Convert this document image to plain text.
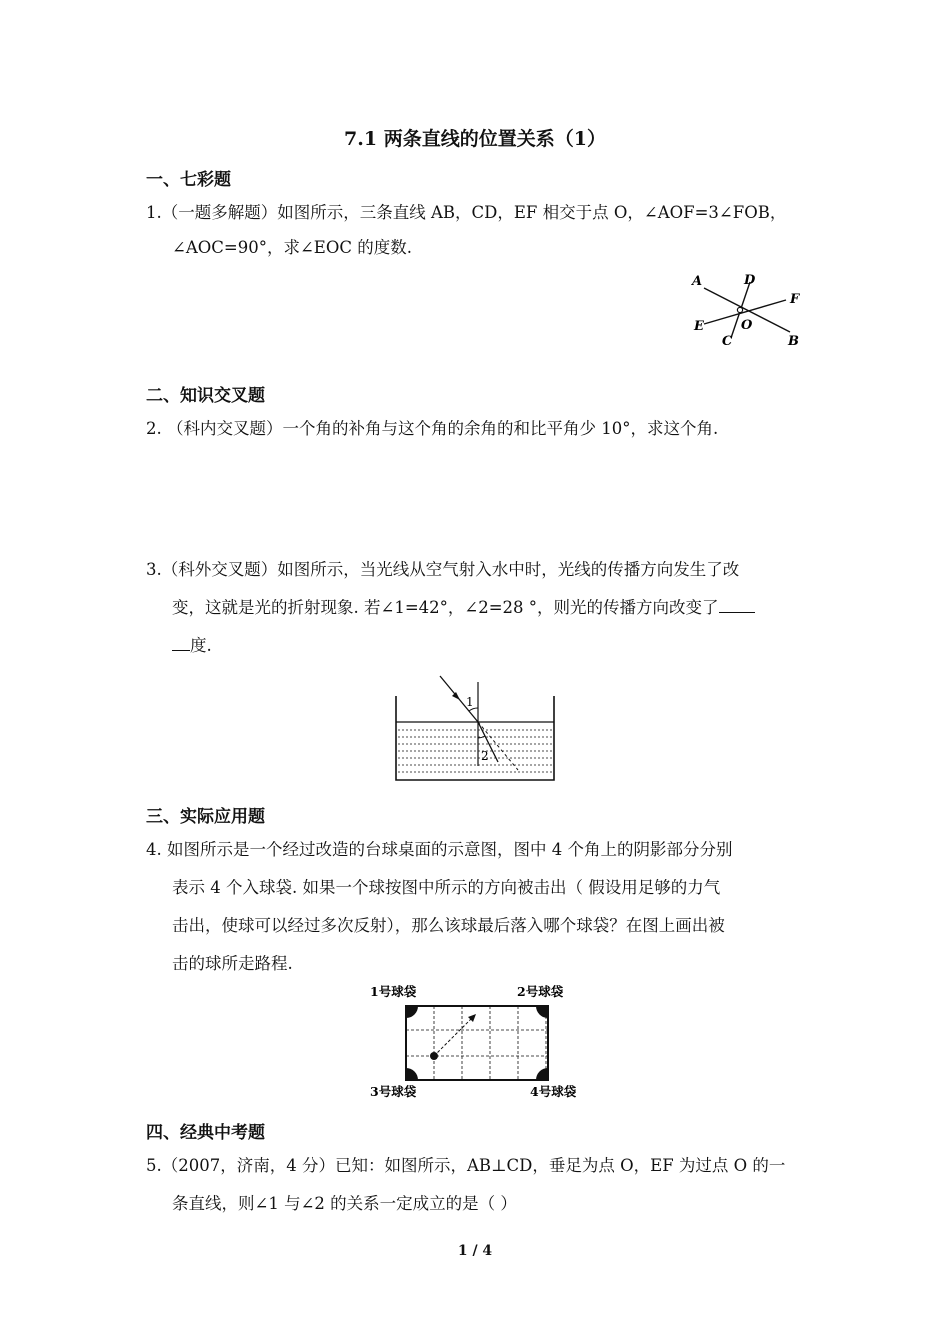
7.1 两条直线的位置关系（1）
一、七彩题
1.（一题多解题）如图所示，三条直线 AB，CD，EF 相交于点 O，∠AOF=3∠FOB，
∠AOC=90°，求∠EOC 的度数.
A	D
F
E	O
C	B
二、知识交叉题
2. （科内交叉题）一个角的补角与这个角的余角的和比平角少 10°，求这个角.
3.（科外交叉题）如图所示，当光线从空气射入水中时，光线的传播方向发生了改
变，这就是光的折射现象. 若∠1=42°，∠2=28 °，则光的传播方向改变了
度.
1
2
三、实际应用题
4. 如图所示是一个经过改造的台球桌面的示意图，图中 4 个角上的阴影部分分别
表示 4 个入球袋. 如果一个球按图中所示的方向被击出（ 假设用足够的力气
击出，使球可以经过多次反射），那么该球最后落入哪个球袋？在图上画出被
击的球所走路程.
1号球袋	2号球袋
3号球袋	4号球袋
四、经典中考题
5.（2007，济南，4 分）已知：如图所示，AB⊥CD，垂足为点 O，EF 为过点 O 的一
条直线，则∠1 与∠2 的关系一定成立的是（ ）
1 / 4
